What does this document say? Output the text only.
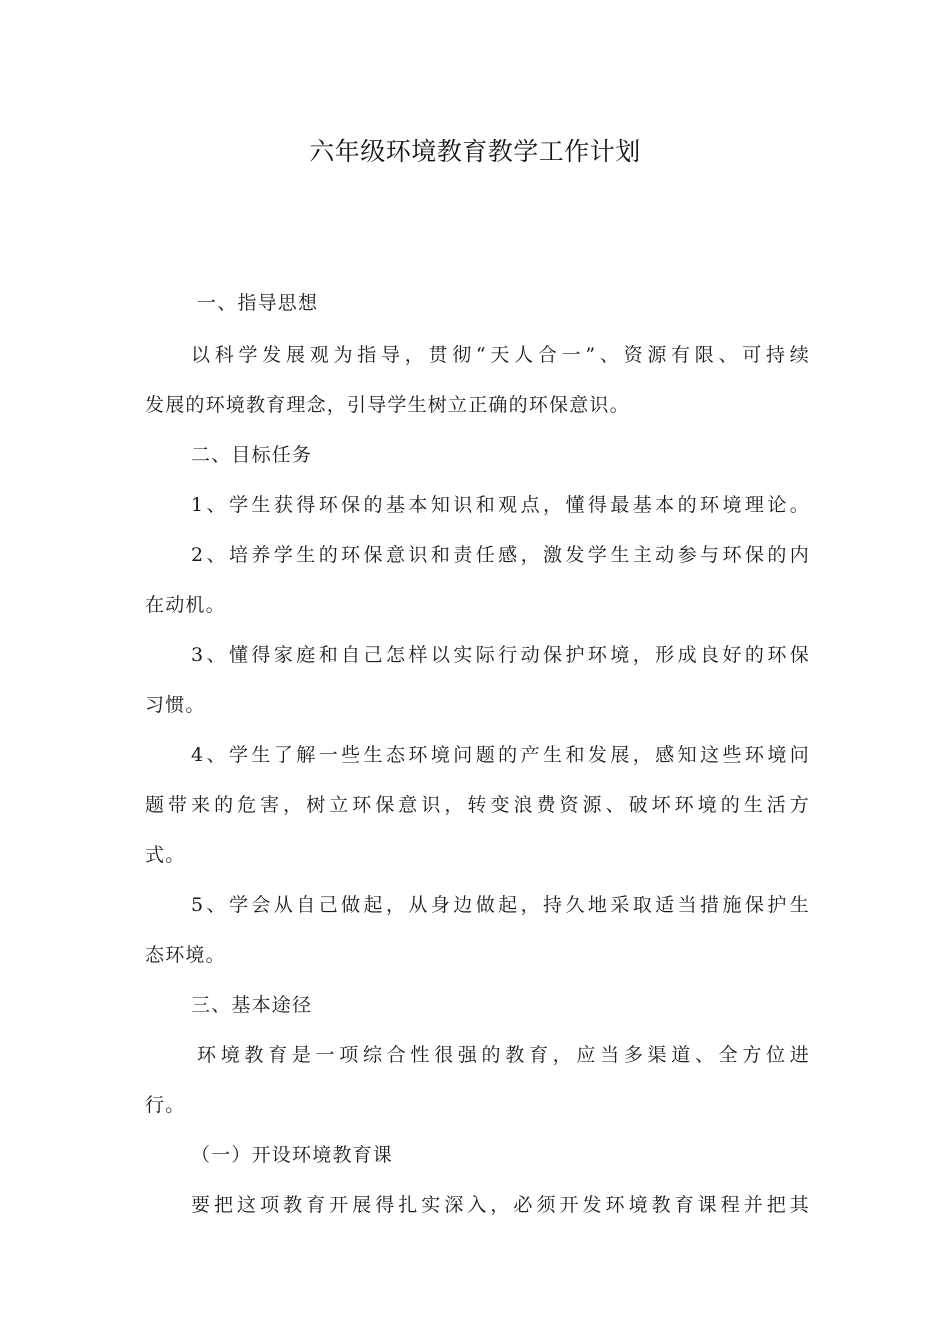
六年级环境教育教学工作计划
一、指导思想
以科学发展观为指导，贯彻“天人合一”、资源有限、可持续
发展的环境教育理念，引导学生树立正确的环保意识。
二、目标任务
1、学生获得环保的基本知识和观点，懂得最基本的环境理论。
2、培养学生的环保意识和责任感，激发学生主动参与环保的内
在动机。
3、懂得家庭和自己怎样以实际行动保护环境，形成良好的环保
习惯。
4、学生了解一些生态环境问题的产生和发展，感知这些环境问
题带来的危害，树立环保意识，转变浪费资源、破坏环境的生活方
式。
5、学会从自己做起，从身边做起，持久地采取适当措施保护生
态环境。
三、基本途径
环境教育是一项综合性很强的教育，应当多渠道、全方位进
行。
（一）开设环境教育课
要把这项教育开展得扎实深入，必须开发环境教育课程并把其
